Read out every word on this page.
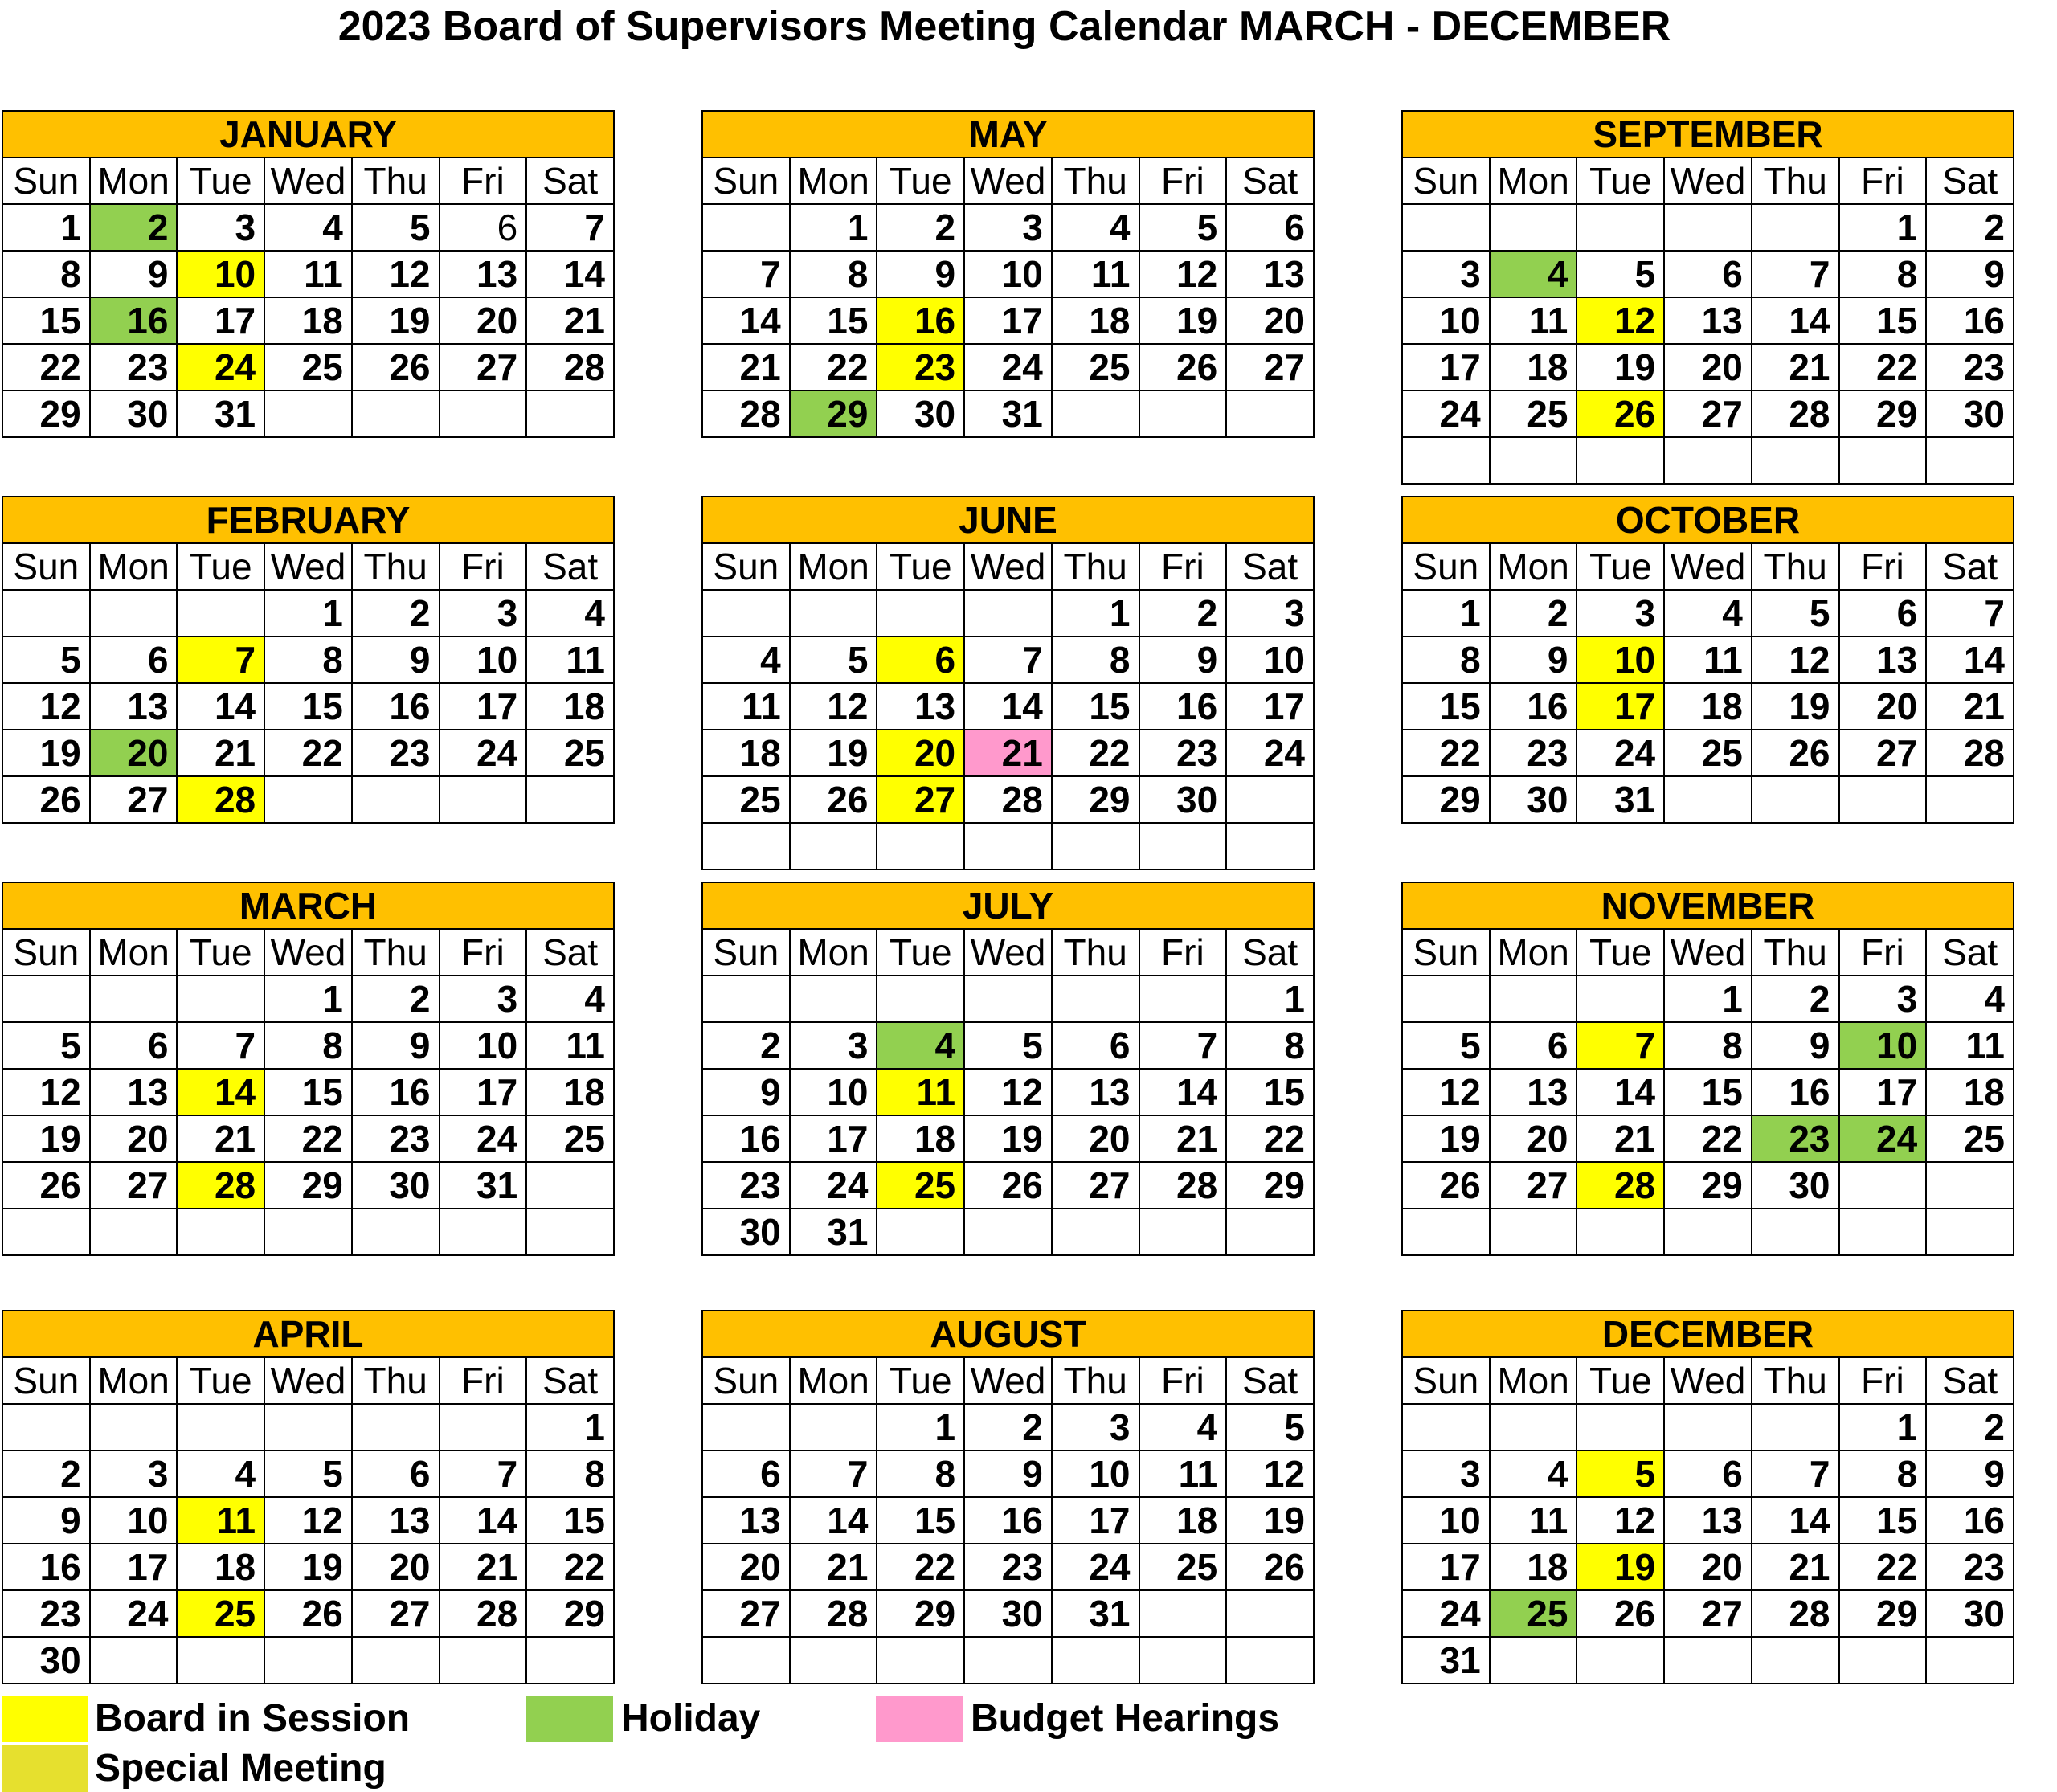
2023 Board of Supervisors Meeting Calendar MARCH - DECEMBER
JANUARY						
Sun	Mon	Tue	Wed	Thu	Fri	Sat
1	2	3	4	5	6	7
8	9	10	11	12	13	14
15	16	17	18	19	20	21
22	23	24	25	26	27	28
29	30	31				
FEBRUARY						
Sun	Mon	Tue	Wed	Thu	Fri	Sat
			1	2	3	4
5	6	7	8	9	10	11
12	13	14	15	16	17	18
19	20	21	22	23	24	25
26	27	28				
MARCH						
Sun	Mon	Tue	Wed	Thu	Fri	Sat
			1	2	3	4
5	6	7	8	9	10	11
12	13	14	15	16	17	18
19	20	21	22	23	24	25
26	27	28	29	30	31	

APRIL						
Sun	Mon	Tue	Wed	Thu	Fri	Sat
						1
2	3	4	5	6	7	8
9	10	11	12	13	14	15
16	17	18	19	20	21	22
23	24	25	26	27	28	29
30						
MAY						
Sun	Mon	Tue	Wed	Thu	Fri	Sat
	1	2	3	4	5	6
7	8	9	10	11	12	13
14	15	16	17	18	19	20
21	22	23	24	25	26	27
28	29	30	31			
JUNE						
Sun	Mon	Tue	Wed	Thu	Fri	Sat
				1	2	3
4	5	6	7	8	9	10
11	12	13	14	15	16	17
18	19	20	21	22	23	24
25	26	27	28	29	30	

JULY						
Sun	Mon	Tue	Wed	Thu	Fri	Sat
						1
2	3	4	5	6	7	8
9	10	11	12	13	14	15
16	17	18	19	20	21	22
23	24	25	26	27	28	29
30	31					
AUGUST						
Sun	Mon	Tue	Wed	Thu	Fri	Sat
		1	2	3	4	5
6	7	8	9	10	11	12
13	14	15	16	17	18	19
20	21	22	23	24	25	26
27	28	29	30	31		

SEPTEMBER						
Sun	Mon	Tue	Wed	Thu	Fri	Sat
					1	2
3	4	5	6	7	8	9
10	11	12	13	14	15	16
17	18	19	20	21	22	23
24	25	26	27	28	29	30

OCTOBER						
Sun	Mon	Tue	Wed	Thu	Fri	Sat
1	2	3	4	5	6	7
8	9	10	11	12	13	14
15	16	17	18	19	20	21
22	23	24	25	26	27	28
29	30	31				
NOVEMBER						
Sun	Mon	Tue	Wed	Thu	Fri	Sat
			1	2	3	4
5	6	7	8	9	10	11
12	13	14	15	16	17	18
19	20	21	22	23	24	25
26	27	28	29	30		

DECEMBER						
Sun	Mon	Tue	Wed	Thu	Fri	Sat
					1	2
3	4	5	6	7	8	9
10	11	12	13	14	15	16
17	18	19	20	21	22	23
24	25	26	27	28	29	30
31						
Board in Session	Holiday	Budget Hearings
Special Meeting
